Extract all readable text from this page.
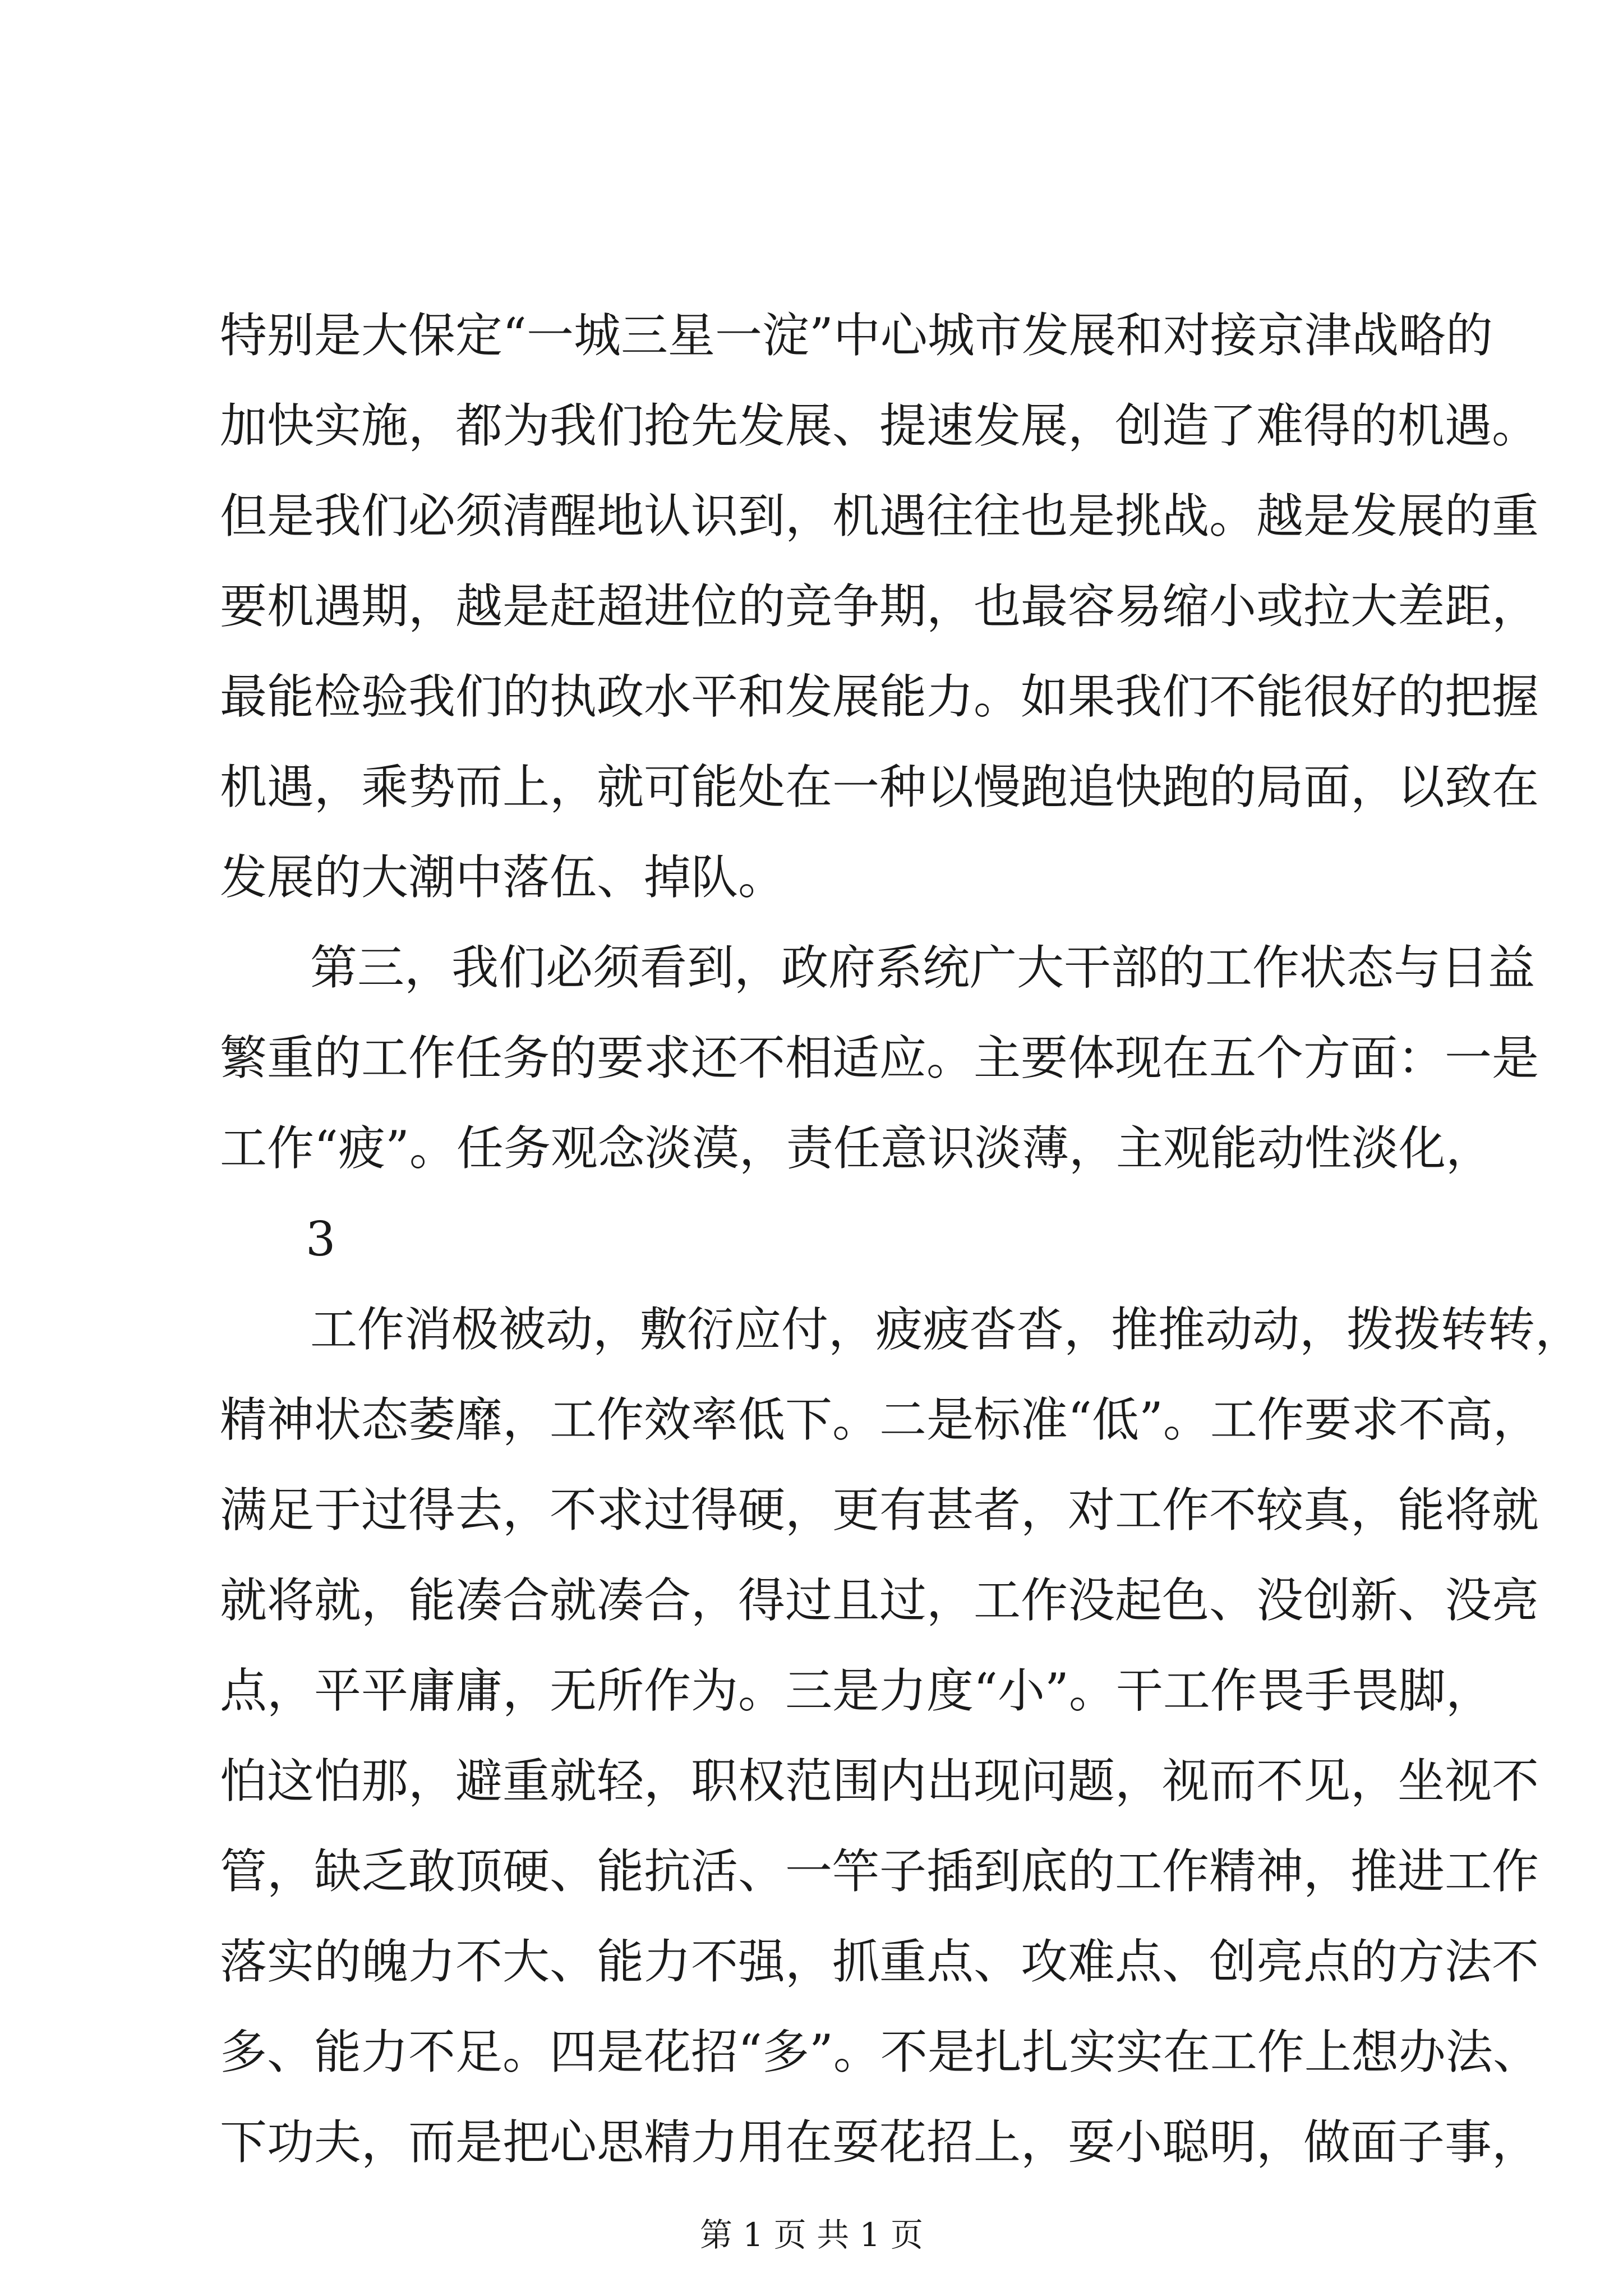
特别是大保定“一城三星一淀”中心城市发展和对接京津战略的
加快实施，都为我们抢先发展、提速发展，创造了难得的机遇。
但是我们必须清醒地认识到，机遇往往也是挑战。越是发展的重
要机遇期，越是赶超进位的竞争期，也最容易缩小或拉大差距，
最能检验我们的执政水平和发展能力。如果我们不能很好的把握
机遇，乘势而上，就可能处在一种以慢跑追快跑的局面，以致在
发展的大潮中落伍、掉队。
第三，我们必须看到，政府系统广大干部的工作状态与日益
繁重的工作任务的要求还不相适应。主要体现在五个方面：一是
工作“疲”。任务观念淡漠，责任意识淡薄，主观能动性淡化，
3
工作消极被动，敷衍应付，疲疲沓沓，推推动动，拨拨转转，
精神状态萎靡，工作效率低下。二是标准“低”。工作要求不高，
满足于过得去，不求过得硬，更有甚者，对工作不较真，能将就
就将就，能凑合就凑合，得过且过，工作没起色、没创新、没亮
点，平平庸庸，无所作为。三是力度“小”。干工作畏手畏脚，
怕这怕那，避重就轻，职权范围内出现问题，视而不见，坐视不
管，缺乏敢顶硬、能抗活、一竿子插到底的工作精神，推进工作
落实的魄力不大、能力不强，抓重点、攻难点、创亮点的方法不
多、能力不足。四是花招“多”。不是扎扎实实在工作上想办法、
下功夫，而是把心思精力用在耍花招上，耍小聪明，做面子事，
第 1 页 共 1 页
